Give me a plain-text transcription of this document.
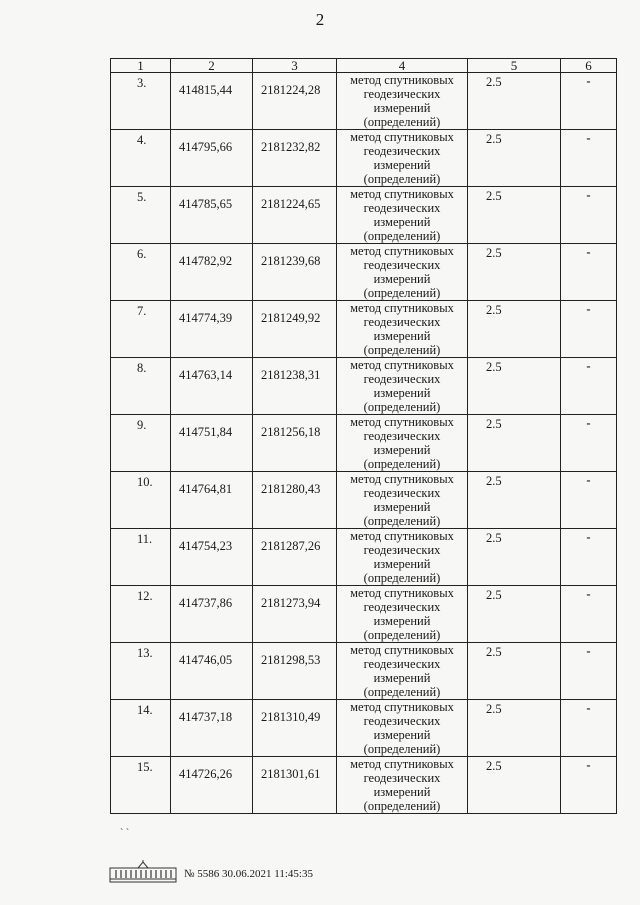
2
1	2	3	4	5	6
3.	414815,44	2181224,28	метод спутниковых геодезических измерений (определений)	2.5	-
4.	414795,66	2181232,82	метод спутниковых геодезических измерений (определений)	2.5	-
5.	414785,65	2181224,65	метод спутниковых геодезических измерений (определений)	2.5	-
6.	414782,92	2181239,68	метод спутниковых геодезических измерений (определений)	2.5	-
7.	414774,39	2181249,92	метод спутниковых геодезических измерений (определений)	2.5	-
8.	414763,14	2181238,31	метод спутниковых геодезических измерений (определений)	2.5	-
9.	414751,84	2181256,18	метод спутниковых геодезических измерений (определений)	2.5	-
10.	414764,81	2181280,43	метод спутниковых геодезических измерений (определений)	2.5	-
11.	414754,23	2181287,26	метод спутниковых геодезических измерений (определений)	2.5	-
12.	414737,86	2181273,94	метод спутниковых геодезических измерений (определений)	2.5	-
13.	414746,05	2181298,53	метод спутниковых геодезических измерений (определений)	2.5	-
14.	414737,18	2181310,49	метод спутниковых геодезических измерений (определений)	2.5	-
15.	414726,26	2181301,61	метод спутниковых геодезических измерений (определений)	2.5	-
` `
№ 5586 30.06.2021 11:45:35
